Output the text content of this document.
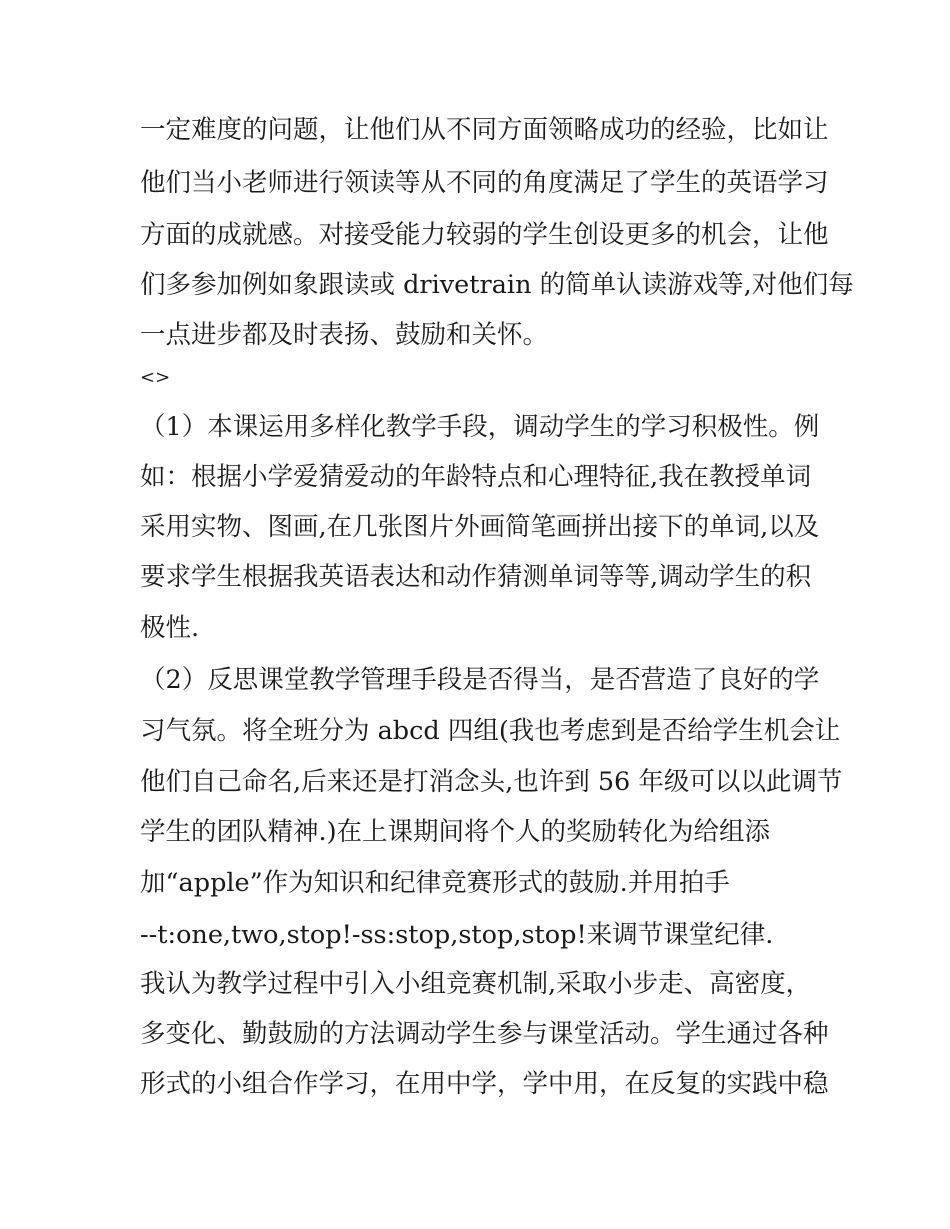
一定难度的问题，让他们从不同方面领略成功的经验，比如让
他们当小老师进行领读等从不同的角度满足了学生的英语学习
方面的成就感。对接受能力较弱的学生创设更多的机会，让他
们多参加例如象跟读或 drivetrain 的简单认读游戏等,对他们每
一点进步都及时表扬、鼓励和关怀。
<>
（1）本课运用多样化教学手段，调动学生的学习积极性。例
如：根据小学爱猜爱动的年龄特点和心理特征,我在教授单词
采用实物、图画,在几张图片外画简笔画拼出接下的单词,以及
要求学生根据我英语表达和动作猜测单词等等,调动学生的积
极性.
（2）反思课堂教学管理手段是否得当，是否营造了良好的学
习气氛。将全班分为 abcd 四组(我也考虑到是否给学生机会让
他们自己命名,后来还是打消念头,也许到 56 年级可以以此调节
学生的团队精神.)在上课期间将个人的奖励转化为给组添
加“apple”作为知识和纪律竞赛形式的鼓励.并用拍手
--t:one,two,stop!-ss:stop,stop,stop!来调节课堂纪律.
我认为教学过程中引入小组竞赛机制,采取小步走、高密度，
多变化、勤鼓励的方法调动学生参与课堂活动。学生通过各种
形式的小组合作学习，在用中学，学中用，在反复的实践中稳
